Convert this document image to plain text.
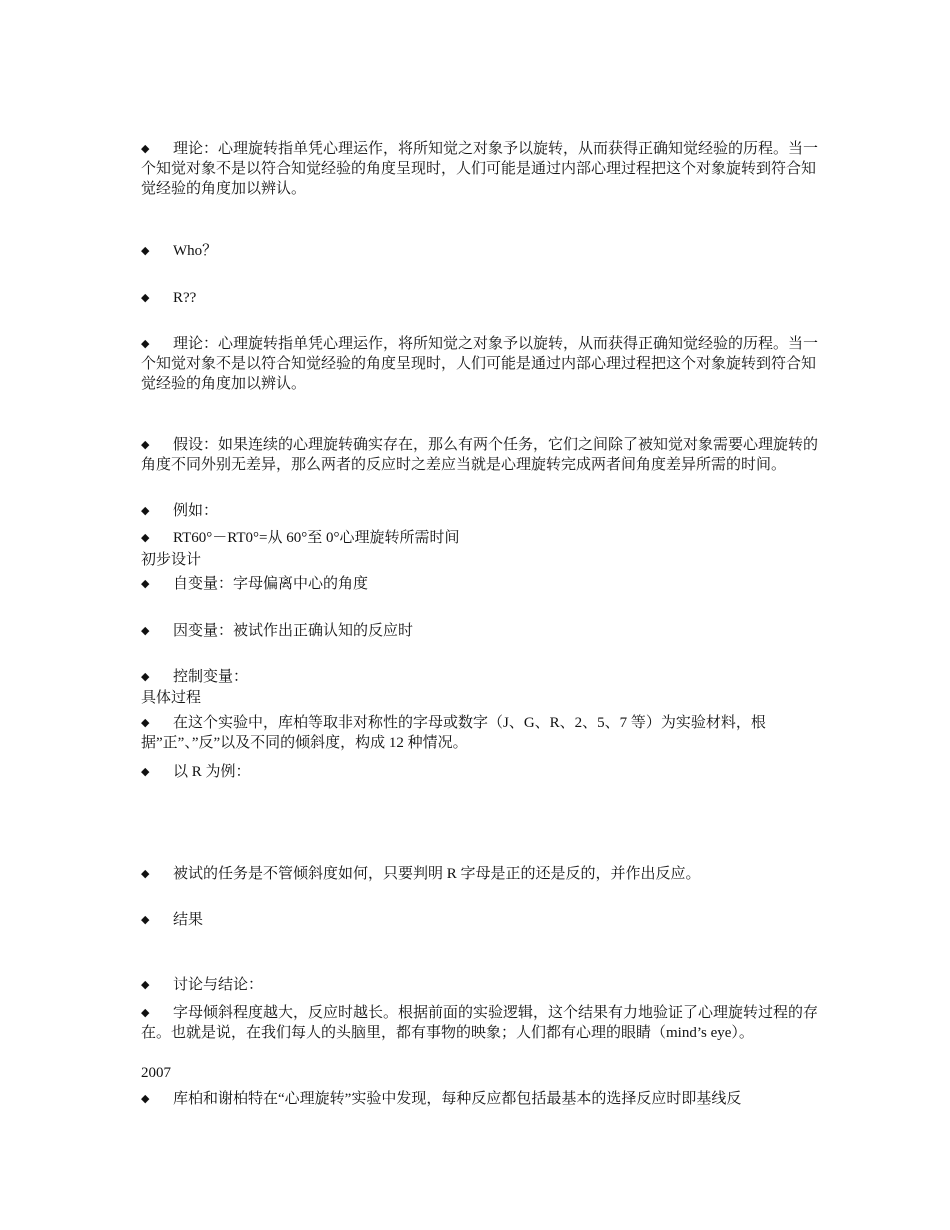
◆	理论：心理旋转指单凭心理运作，将所知觉之对象予以旋转，从而获得正确知觉经验的历程。当一个知觉对象不是以符合知觉经验的角度呈现时，人们可能是通过内部心理过程把这个对象旋转到符合知觉经验的角度加以辨认。
◆	Who？
◆	R??
◆	理论：心理旋转指单凭心理运作，将所知觉之对象予以旋转，从而获得正确知觉经验的历程。当一个知觉对象不是以符合知觉经验的角度呈现时，人们可能是通过内部心理过程把这个对象旋转到符合知觉经验的角度加以辨认。
◆	假设：如果连续的心理旋转确实存在，那么有两个任务，它们之间除了被知觉对象需要心理旋转的角度不同外别无差异，那么两者的反应时之差应当就是心理旋转完成两者间角度差异所需的时间。
◆	例如：
◆	RT60°－RT0°=从 60°至 0°心理旋转所需时间
初步设计
◆	自变量：字母偏离中心的角度
◆	因变量：被试作出正确认知的反应时
◆	控制变量：
具体过程
◆	在这个实验中，库柏等取非对称性的字母或数字（J、G、R、2、5、7 等）为实验材料，根据”正”、”反”以及不同的倾斜度，构成 12 种情况。
◆	以 R 为例：
◆	被试的任务是不管倾斜度如何，只要判明 R 字母是正的还是反的，并作出反应。
◆	结果
◆	讨论与结论：
◆	字母倾斜程度越大，反应时越长。根据前面的实验逻辑，这个结果有力地验证了心理旋转过程的存在。也就是说，在我们每人的头脑里，都有事物的映象；人们都有心理的眼睛（mind’s eye）。
2007
◆	库柏和谢柏特在“心理旋转”实验中发现，每种反应都包括最基本的选择反应时即基线反
